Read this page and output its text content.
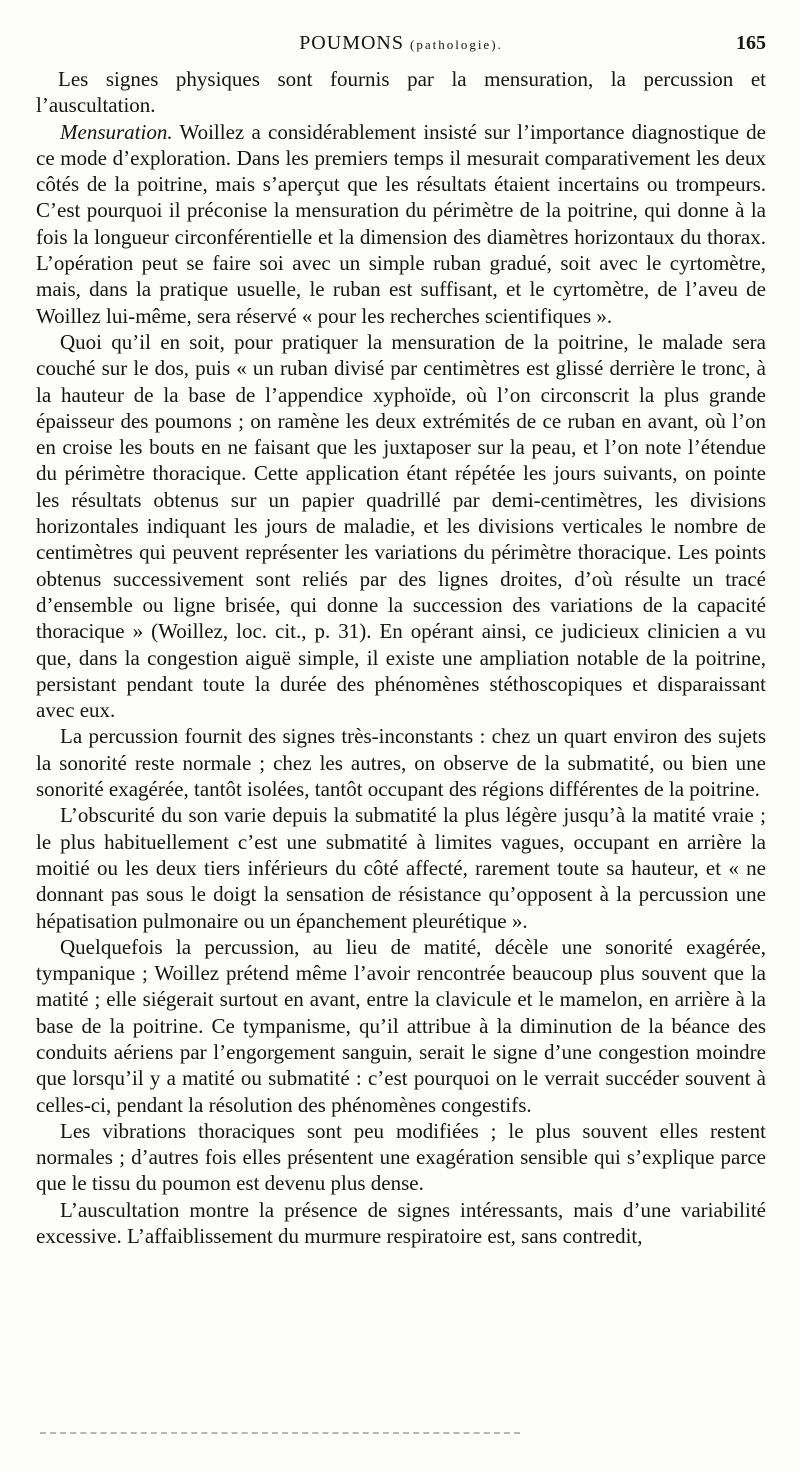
POUMONS (pathologie).	165

Les signes physiques sont fournis par la mensuration, la percussion et l’auscultation.

Mensuration. Woillez a considérablement insisté sur l’importance diagnostique de ce mode d’exploration. Dans les premiers temps il mesurait comparativement les deux côtés de la poitrine, mais s’aperçut que les résultats étaient incertains ou trompeurs. C’est pourquoi il préconise la mensuration du périmètre de la poitrine, qui donne à la fois la longueur circonférentielle et la dimension des diamètres horizontaux du thorax. L’opération peut se faire soi avec un simple ruban gradué, soit avec le cyrtomètre, mais, dans la pratique usuelle, le ruban est suffisant, et le cyrtomètre, de l’aveu de Woillez lui-même, sera réservé « pour les recherches scientifiques ».

Quoi qu’il en soit, pour pratiquer la mensuration de la poitrine, le malade sera couché sur le dos, puis « un ruban divisé par centimètres est glissé derrière le tronc, à la hauteur de la base de l’appendice xyphoïde, où l’on circonscrit la plus grande épaisseur des poumons ; on ramène les deux extrémités de ce ruban en avant, où l’on en croise les bouts en ne faisant que les juxtaposer sur la peau, et l’on note l’étendue du périmètre thoracique. Cette application étant répétée les jours suivants, on pointe les résultats obtenus sur un papier quadrillé par demi-centimètres, les divisions horizontales indiquant les jours de maladie, et les divisions verticales le nombre de centimètres qui peuvent représenter les variations du périmètre thoracique. Les points obtenus successivement sont reliés par des lignes droites, d’où résulte un tracé d’ensemble ou ligne brisée, qui donne la succession des variations de la capacité thoracique » (Woillez, loc. cit., p. 31). En opérant ainsi, ce judicieux clinicien a vu que, dans la congestion aiguë simple, il existe une ampliation notable de la poitrine, persistant pendant toute la durée des phénomènes stéthoscopiques et disparaissant avec eux.

La percussion fournit des signes très-inconstants : chez un quart environ des sujets la sonorité reste normale ; chez les autres, on observe de la submatité, ou bien une sonorité exagérée, tantôt isolées, tantôt occupant des régions différentes de la poitrine.

L’obscurité du son varie depuis la submatité la plus légère jusqu’à la matité vraie ; le plus habituellement c’est une submatité à limites vagues, occupant en arrière la moitié ou les deux tiers inférieurs du côté affecté, rarement toute sa hauteur, et « ne donnant pas sous le doigt la sensation de résistance qu’opposent à la percussion une hépatisation pulmonaire ou un épanchement pleurétique ».

Quelquefois la percussion, au lieu de matité, décèle une sonorité exagérée, tympanique ; Woillez prétend même l’avoir rencontrée beaucoup plus souvent que la matité ; elle siégerait surtout en avant, entre la clavicule et le mamelon, en arrière à la base de la poitrine. Ce tympanisme, qu’il attribue à la diminution de la béance des conduits aériens par l’engorgement sanguin, serait le signe d’une congestion moindre que lorsqu’il y a matité ou submatité : c’est pourquoi on le verrait succéder souvent à celles-ci, pendant la résolution des phénomènes congestifs.

Les vibrations thoraciques sont peu modifiées ; le plus souvent elles restent normales ; d’autres fois elles présentent une exagération sensible qui s’explique parce que le tissu du poumon est devenu plus dense.

L’auscultation montre la présence de signes intéressants, mais d’une variabilité excessive. L’affaiblissement du murmure respiratoire est, sans contredit,
